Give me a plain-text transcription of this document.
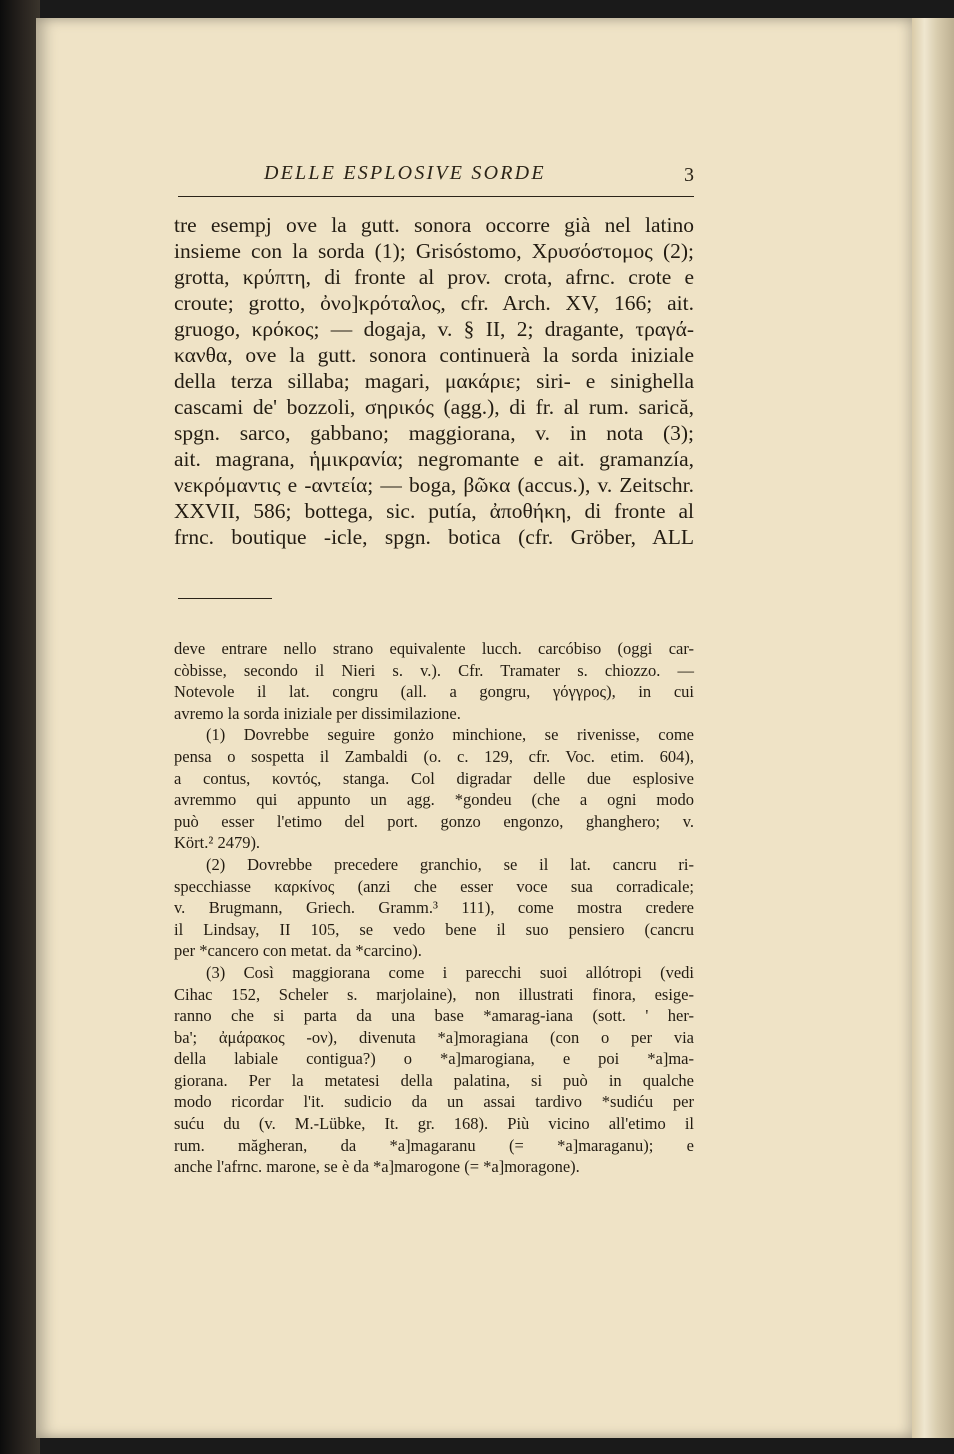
DELLE ESPLOSIVE SORDE	3
tre esempj ove la gutt. sonora occorre già nel latino
insieme con la sorda (1); Grisóstomo, Χρυσόστομος (2);
grotta, κρύπτη, di fronte al prov. crota, afrnc. crote e
croute; grotto, ὀνο]κρόταλος, cfr. Arch. XV, 166; ait.
gruogo, κρόκος; — dogaja, v. § II, 2; dragante, τραγά-
κανθα, ove la gutt. sonora continuerà la sorda iniziale
della terza sillaba; magari, μακάριε; siri- e sinighella
cascami de' bozzoli, σηρικός (agg.), di fr. al rum. sarică,
spgn. sarco, gabbano; maggiorana, v. in nota (3);
ait. magrana, ἡμικρανία; negromante e ait. gramanzía,
νεκρόμαντις e -αντεία; — boga, βῶκα (accus.), v. Zeitschr.
XXVII, 586; bottega, sic. putía, ἀποθήκη, di fronte al
frnc. boutique -icle, spgn. botica (cfr. Gröber, ALL
deve entrare nello strano equivalente lucch. carcóbiso (oggi car-
còbisse, secondo il Nieri s. v.). Cfr. Tramater s. chiozzo. —
Notevole il lat. congru (all. a gongru, γόγγρος), in cui
avremo la sorda iniziale per dissimilazione.
(1) Dovrebbe seguire gonżo minchione, se rivenisse, come
pensa o sospetta il Zambaldi (o. c. 129, cfr. Voc. etim. 604),
a contus, κοντός, stanga. Col digradar delle due esplosive
avremmo qui appunto un agg. *gondeu (che a ogni modo
può esser l'etimo del port. gonzo engonzo, ghanghero; v.
Kört.² 2479).
(2) Dovrebbe precedere granchio, se il lat. cancru ri-
specchiasse καρκίνος (anzi che esser voce sua corradicale;
v. Brugmann, Griech. Gramm.³ 111), come mostra credere
il Lindsay, II 105, se vedo bene il suo pensiero (cancru
per *cancero con metat. da *carcino).
(3) Così maggiorana come i parecchi suoi allótropi (vedi
Cihac 152, Scheler s. marjolaine), non illustrati finora, esige-
ranno che si parta da una base *amarag-iana (sott. ' her-
ba'; ἀμάρακος -ον), divenuta *a]moragiana (con o per via
della labiale contigua?) o *a]marogiana, e poi *a]ma-
giorana. Per la metatesi della palatina, si può in qualche
modo ricordar l'it. sudicio da un assai tardivo *sudiću per
suću du (v. M.-Lübke, It. gr. 168). Più vicino all'etimo il
rum. măgheran, da *a]magaranu (= *a]maraganu); e
anche l'afrnc. marone, se è da *a]marogone (= *a]moragone).
